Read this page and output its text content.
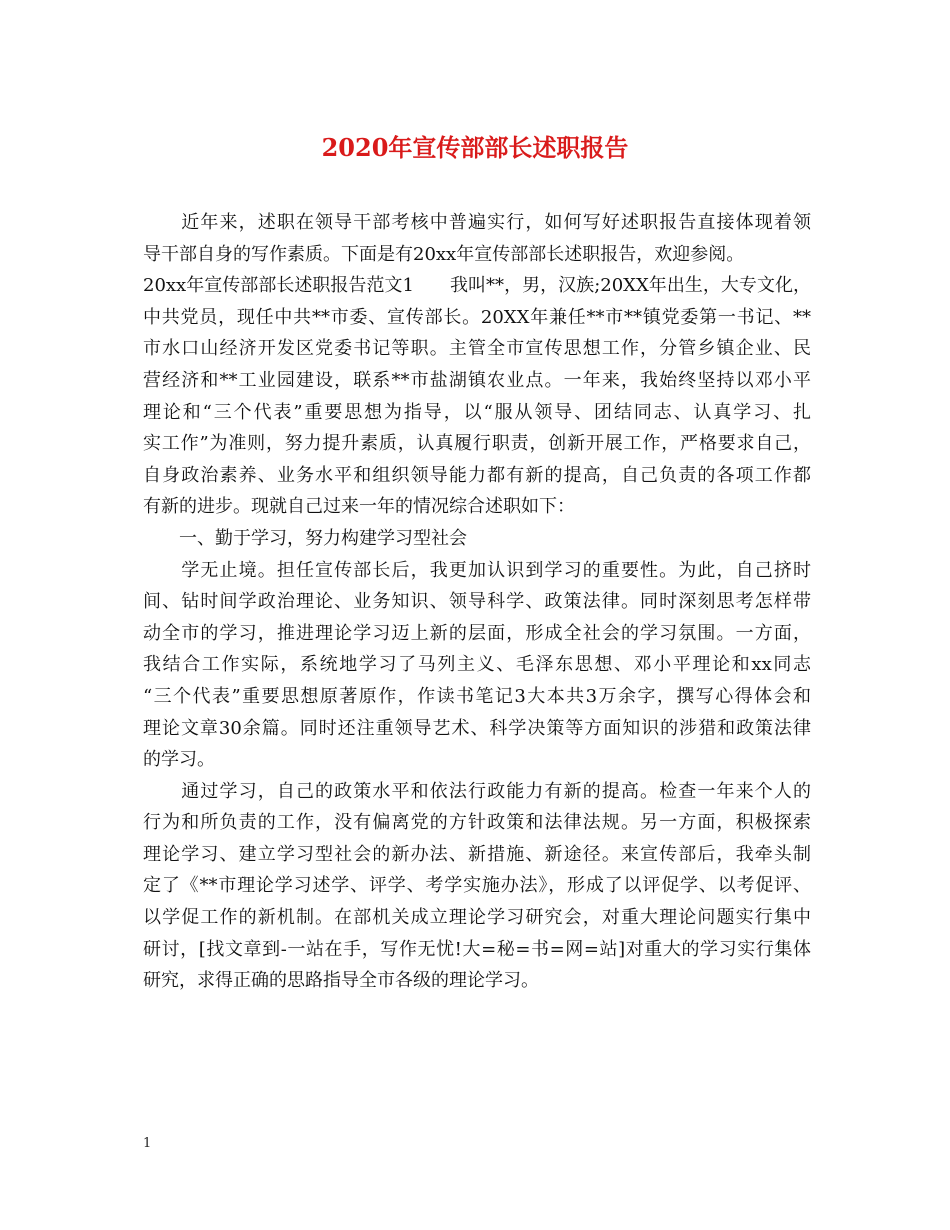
2020年宣传部部长述职报告
　　近年来，述职在领导干部考核中普遍实行，如何写好述职报告直接体现着领
导干部自身的写作素质。下面是有20xx年宣传部部长述职报告，欢迎参阅。
20xx年宣传部部长述职报告范文1　　我叫**，男，汉族;20XX年出生，大专文化，
中共党员，现任中共**市委、宣传部长。20XX年兼任**市**镇党委第一书记、**
市水口山经济开发区党委书记等职。主管全市宣传思想工作，分管乡镇企业、民
营经济和**工业园建设，联系**市盐湖镇农业点。一年来，我始终坚持以邓小平
理论和“三个代表”重要思想为指导，以“服从领导、团结同志、认真学习、扎
实工作”为准则，努力提升素质，认真履行职责，创新开展工作，严格要求自己，
自身政治素养、业务水平和组织领导能力都有新的提高，自己负责的各项工作都
有新的进步。现就自己过来一年的情况综合述职如下：
　　一、勤于学习，努力构建学习型社会
　　学无止境。担任宣传部长后，我更加认识到学习的重要性。为此，自己挤时
间、钻时间学政治理论、业务知识、领导科学、政策法律。同时深刻思考怎样带
动全市的学习，推进理论学习迈上新的层面，形成全社会的学习氛围。一方面，
我结合工作实际，系统地学习了马列主义、毛泽东思想、邓小平理论和xx同志
“三个代表”重要思想原著原作，作读书笔记3大本共3万余字，撰写心得体会和
理论文章30余篇。同时还注重领导艺术、科学决策等方面知识的涉猎和政策法律
的学习。
　　通过学习，自己的政策水平和依法行政能力有新的提高。检查一年来个人的
行为和所负责的工作，没有偏离党的方针政策和法律法规。另一方面，积极探索
理论学习、建立学习型社会的新办法、新措施、新途径。来宣传部后，我牵头制
定了《**市理论学习述学、评学、考学实施办法》，形成了以评促学、以考促评、
以学促工作的新机制。在部机关成立理论学习研究会，对重大理论问题实行集中
研讨，[找文章到-一站在手，写作无忧!大=秘=书=网=站]对重大的学习实行集体
研究，求得正确的思路指导全市各级的理论学习。
1
